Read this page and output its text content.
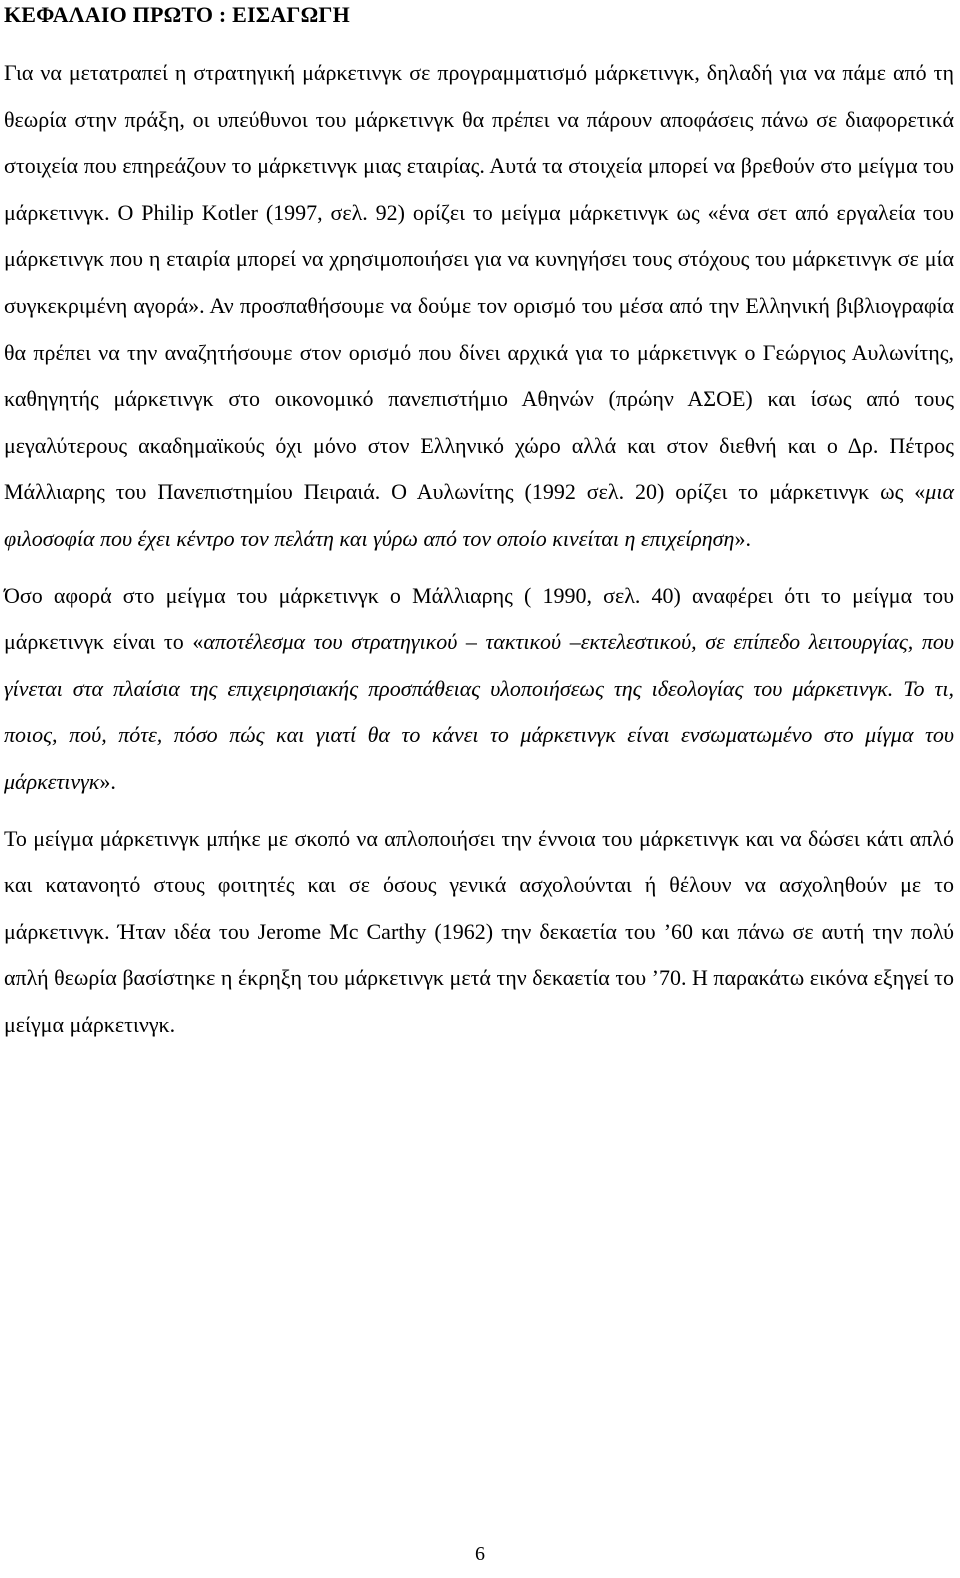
ΚΕΦΑΛΑΙΟ ΠΡΩΤΟ : ΕΙΣΑΓΩΓΗ

Για να μετατραπεί η στρατηγική μάρκετινγκ σε προγραμματισμό μάρκετινγκ, δηλαδή για να πάμε από τη θεωρία στην πράξη, οι υπεύθυνοι του μάρκετινγκ θα πρέπει να πάρουν αποφάσεις πάνω σε διαφορετικά στοιχεία που επηρεάζουν το μάρκετινγκ μιας εταιρίας. Αυτά τα στοιχεία μπορεί να βρεθούν στο μείγμα του μάρκετινγκ. Ο Philip Kotler (1997, σελ. 92) ορίζει το μείγμα μάρκετινγκ ως «ένα σετ από εργαλεία του μάρκετινγκ που η εταιρία μπορεί να χρησιμοποιήσει για να κυνηγήσει τους στόχους του μάρκετινγκ σε μία συγκεκριμένη αγορά». Αν προσπαθήσουμε να δούμε τον ορισμό του μέσα από την Ελληνική βιβλιογραφία θα πρέπει να την αναζητήσουμε στον ορισμό που δίνει αρχικά για το μάρκετινγκ ο Γεώργιος Αυλωνίτης, καθηγητής μάρκετινγκ στο οικονομικό πανεπιστήμιο Αθηνών (πρώην ΑΣΟΕ) και ίσως από τους μεγαλύτερους ακαδημαϊκούς όχι μόνο στον Ελληνικό χώρο αλλά και στον διεθνή και ο Δρ. Πέτρος Μάλλιαρης του Πανεπιστημίου Πειραιά. Ο Αυλωνίτης (1992 σελ. 20) ορίζει το μάρκετινγκ ως «μια φιλοσοφία που έχει κέντρο τον πελάτη και γύρω από τον οποίο κινείται η επιχείρηση».

Όσο αφορά στο μείγμα του μάρκετινγκ ο Μάλλιαρης ( 1990, σελ. 40) αναφέρει ότι το μείγμα του μάρκετινγκ είναι το «αποτέλεσμα του στρατηγικού – τακτικού –εκτελεστικού, σε επίπεδο λειτουργίας, που γίνεται στα πλαίσια της επιχειρησιακής προσπάθειας υλοποιήσεως της ιδεολογίας του μάρκετινγκ. Το τι, ποιος, πού, πότε, πόσο πώς και γιατί θα το κάνει το μάρκετινγκ είναι ενσωματωμένο στο μίγμα του μάρκετινγκ».

Το μείγμα μάρκετινγκ μπήκε με σκοπό να απλοποιήσει την έννοια του μάρκετινγκ και να δώσει κάτι απλό και κατανοητό στους φοιτητές και σε όσους γενικά ασχολούνται ή θέλουν να ασχοληθούν με το μάρκετινγκ. Ήταν ιδέα του Jerome Mc Carthy (1962) την δεκαετία του ’60 και πάνω σε αυτή την πολύ απλή θεωρία βασίστηκε η έκρηξη του μάρκετινγκ μετά την δεκαετία του ’70. Η παρακάτω εικόνα εξηγεί το μείγμα μάρκετινγκ.

6
